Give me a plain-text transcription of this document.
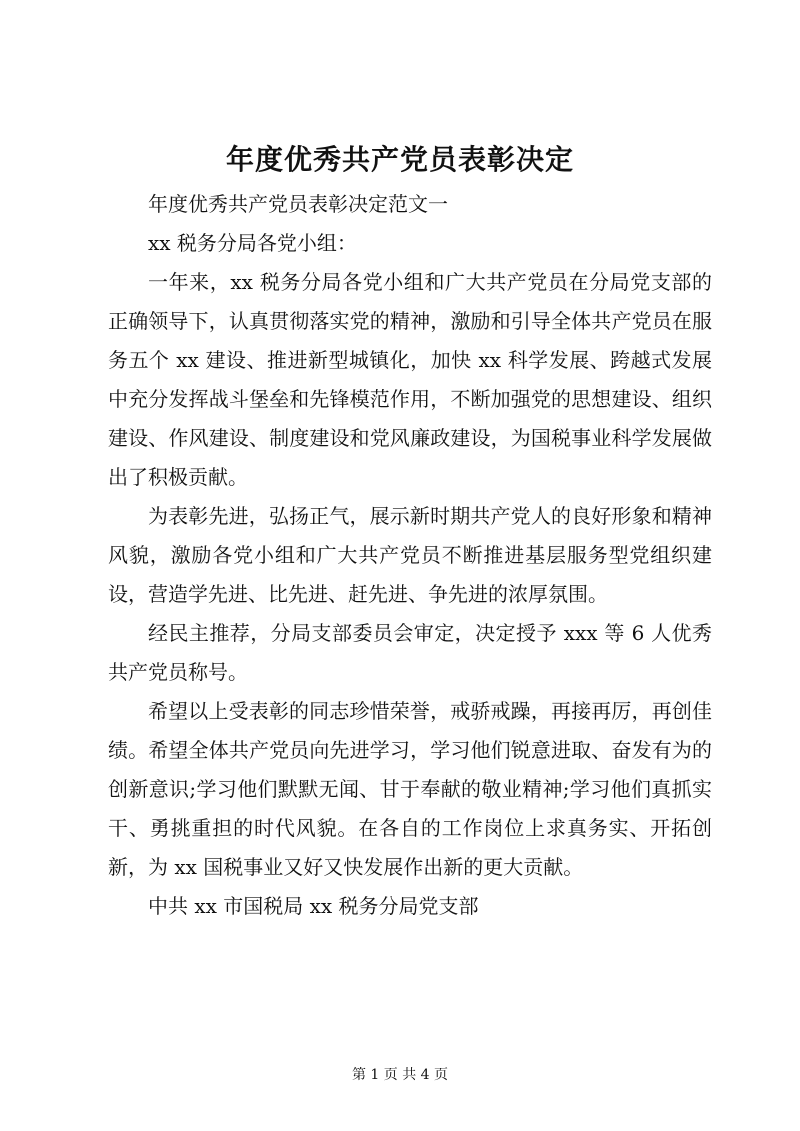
年度优秀共产党员表彰决定

年度优秀共产党员表彰决定范文一

xx 税务分局各党小组：

一年来，xx 税务分局各党小组和广大共产党员在分局党支部的正确领导下，认真贯彻落实党的精神，激励和引导全体共产党员在服务五个 xx 建设、推进新型城镇化，加快 xx 科学发展、跨越式发展中充分发挥战斗堡垒和先锋模范作用，不断加强党的思想建设、组织建设、作风建设、制度建设和党风廉政建设，为国税事业科学发展做出了积极贡献。

为表彰先进，弘扬正气，展示新时期共产党人的良好形象和精神风貌，激励各党小组和广大共产党员不断推进基层服务型党组织建设，营造学先进、比先进、赶先进、争先进的浓厚氛围。

经民主推荐，分局支部委员会审定，决定授予 xxx 等 6 人优秀共产党员称号。

希望以上受表彰的同志珍惜荣誉，戒骄戒躁，再接再厉，再创佳绩。希望全体共产党员向先进学习，学习他们锐意进取、奋发有为的创新意识;学习他们默默无闻、甘于奉献的敬业精神;学习他们真抓实干、勇挑重担的时代风貌。在各自的工作岗位上求真务实、开拓创新，为 xx 国税事业又好又快发展作出新的更大贡献。

中共 xx 市国税局 xx 税务分局党支部

第 1 页 共 4 页
